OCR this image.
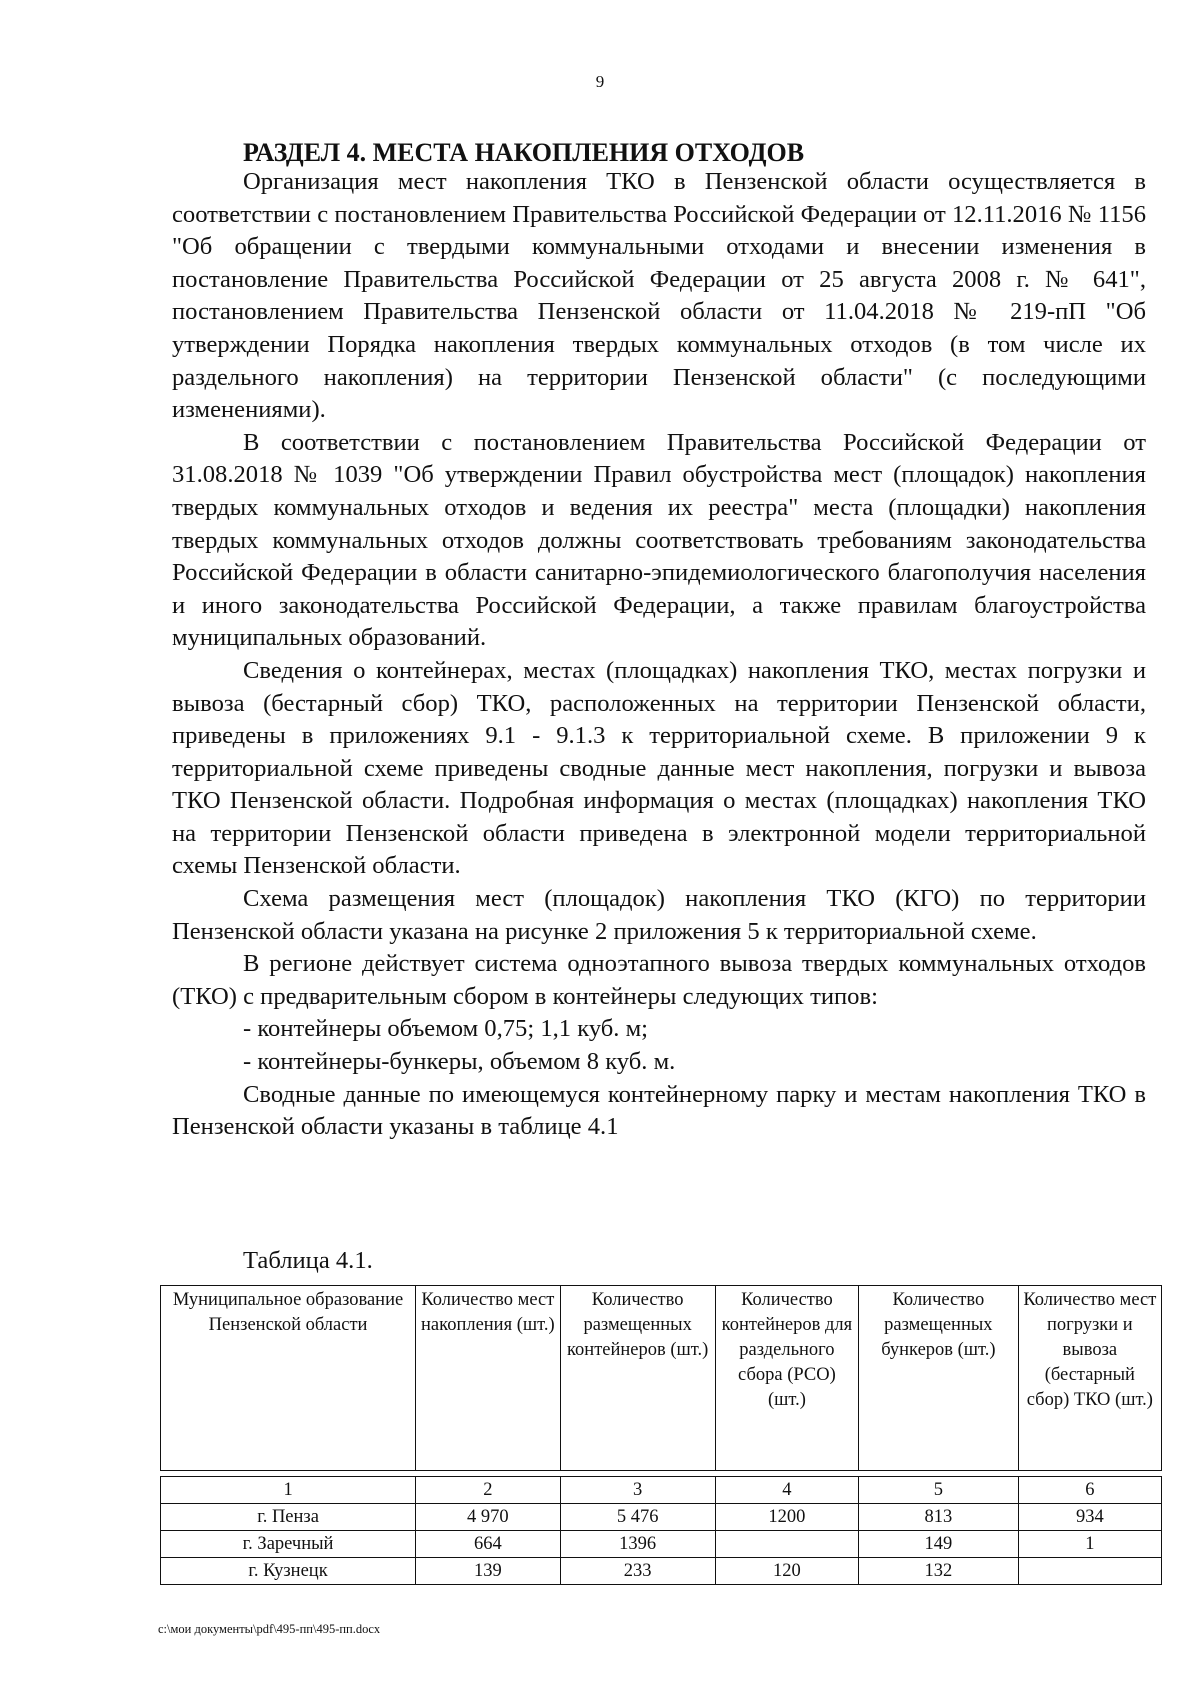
9
РАЗДЕЛ 4. МЕСТА НАКОПЛЕНИЯ ОТХОДОВ

Организация мест накопления ТКО в Пензенской области осуществляется в соответствии с постановлением Правительства Российской Федерации от 12.11.2016 № 1156 "Об обращении с твердыми коммунальными отходами и внесении изменения в постановление Правительства Российской Федерации от 25 августа 2008 г. № 641", постановлением Правительства Пензенской области от 11.04.2018 № 219-пП "Об утверждении Порядка накопления твердых коммунальных отходов (в том числе их раздельного накопления) на территории Пензенской области" (с последующими изменениями).

В соответствии с постановлением Правительства Российской Федерации от 31.08.2018 № 1039 "Об утверждении Правил обустройства мест (площадок) накопления твердых коммунальных отходов и ведения их реестра" места (площадки) накопления твердых коммунальных отходов должны соответствовать требованиям законодательства Российской Федерации в области санитарно-эпидемиологического благополучия населения и иного законодательства Российской Федерации, а также правилам благоустройства муниципальных образований.

Сведения о контейнерах, местах (площадках) накопления ТКО, местах погрузки и вывоза (бестарный сбор) ТКО, расположенных на территории Пензенской области, приведены в приложениях 9.1 - 9.1.3 к территориальной схеме. В приложении 9 к территориальной схеме приведены сводные данные мест накопления, погрузки и вывоза ТКО Пензенской области. Подробная информация о местах (площадках) накопления ТКО на территории Пензенской области приведена в электронной модели территориальной схемы Пензенской области.

Схема размещения мест (площадок) накопления ТКО (КГО) по территории Пензенской области указана на рисунке 2 приложения 5 к территориальной схеме.

В регионе действует система одноэтапного вывоза твердых коммунальных отходов (ТКО) с предварительным сбором в контейнеры следующих типов:

- контейнеры объемом 0,75; 1,1 куб. м;

- контейнеры-бункеры, объемом 8 куб. м.

Сводные данные по имеющемуся контейнерному парку и местам накопления ТКО в Пензенской области указаны в таблице 4.1

Таблица 4.1.
Муниципальное образование Пензенской области	Количество мест накопления (шт.)	Количество размещенных контейнеров (шт.)	Количество контейнеров для раздельного сбора (РСО) (шт.)	Количество размещенных бункеров (шт.)	Количество мест погрузки и вывоза (бестарный сбор) ТКО (шт.)

1	2	3	4	5	6
г. Пенза	4 970	5 476	1200	813	934
г. Заречный	664	1396		149	1
г. Кузнецк	139	233	120	132	
c:\мои документы\pdf\495-пп\495-пп.docx
